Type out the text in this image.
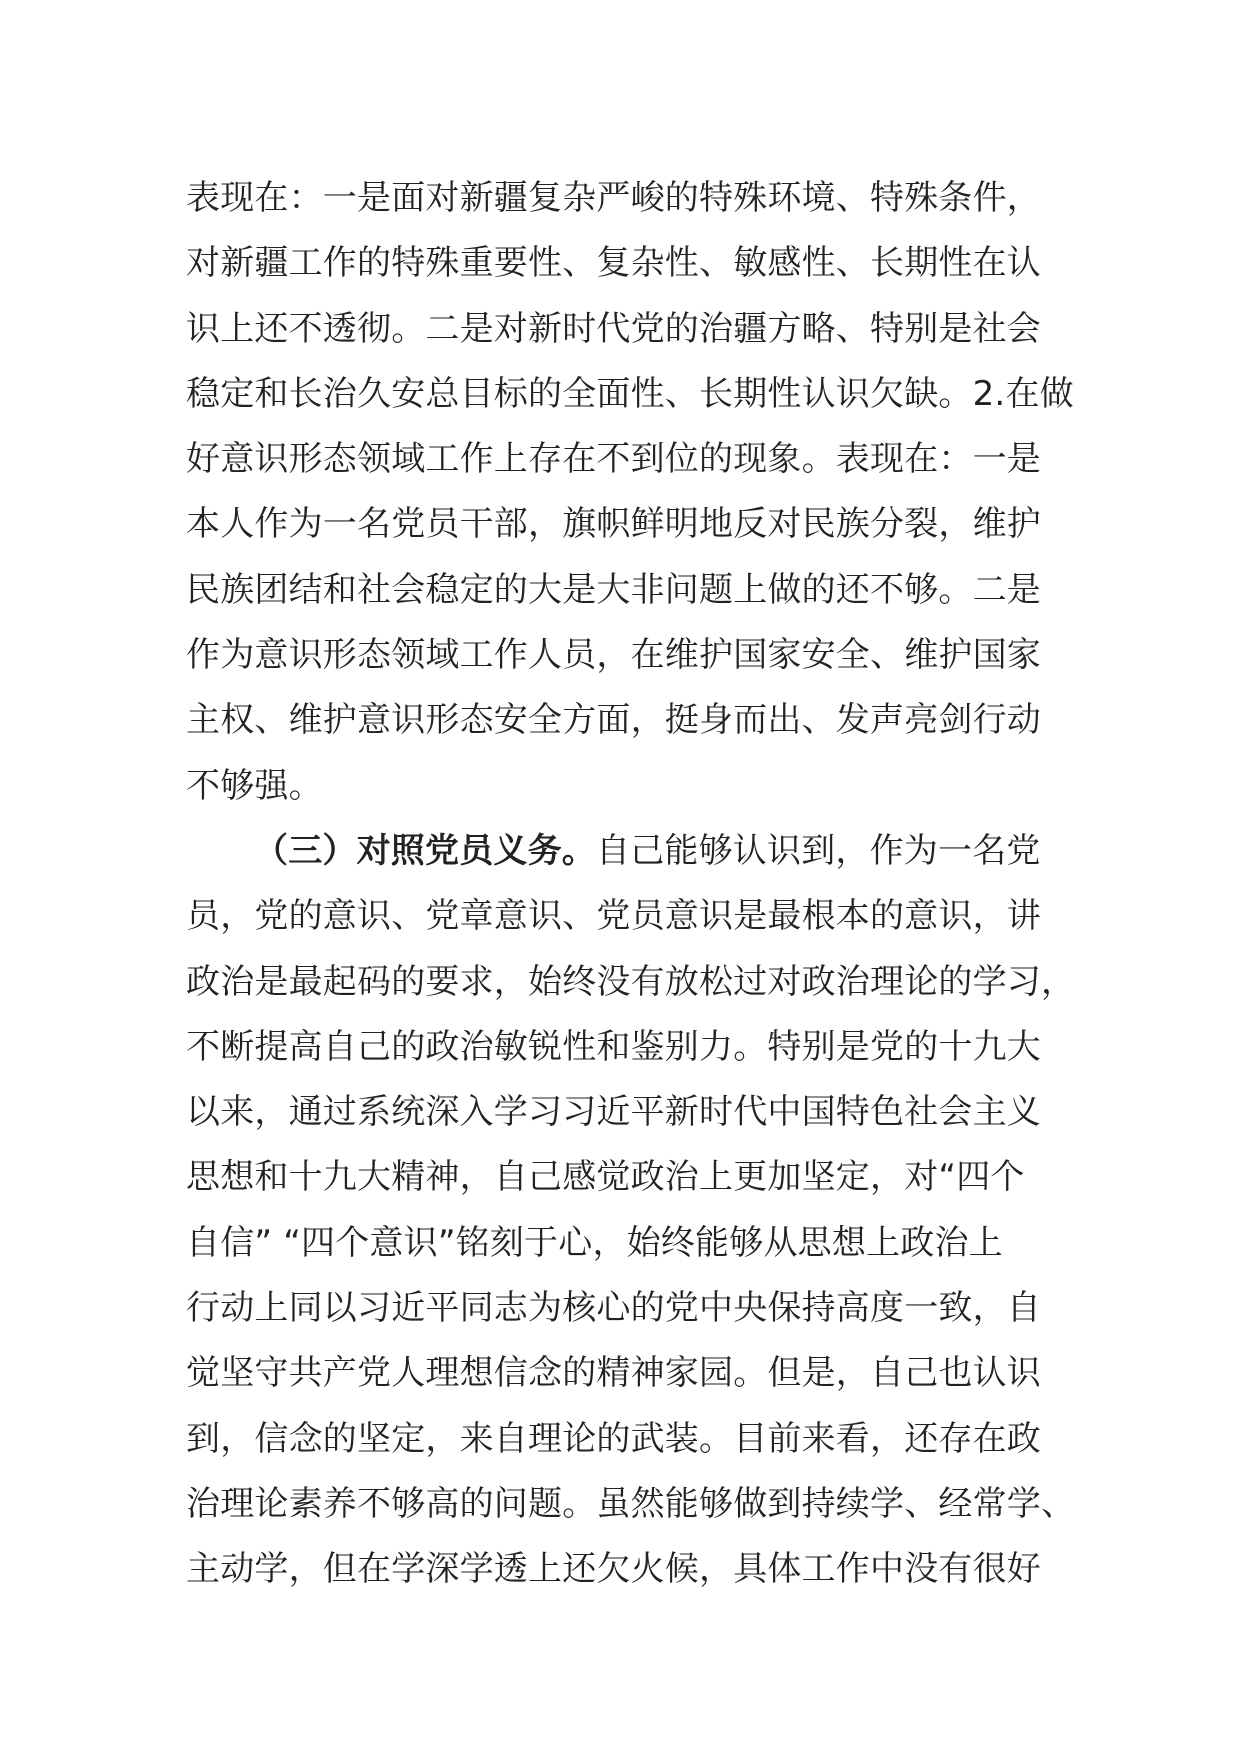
表现在：一是面对新疆复杂严峻的特殊环境、特殊条件，
对新疆工作的特殊重要性、复杂性、敏感性、长期性在认
识上还不透彻。二是对新时代党的治疆方略、特别是社会
稳定和长治久安总目标的全面性、长期性认识欠缺。2.在做
好意识形态领域工作上存在不到位的现象。表现在：一是
本人作为一名党员干部，旗帜鲜明地反对民族分裂，维护
民族团结和社会稳定的大是大非问题上做的还不够。二是
作为意识形态领域工作人员，在维护国家安全、维护国家
主权、维护意识形态安全方面，挺身而出、发声亮剑行动
不够强。
（三）对照党员义务。自己能够认识到，作为一名党
员，党的意识、党章意识、党员意识是最根本的意识，讲
政治是最起码的要求，始终没有放松过对政治理论的学习，
不断提高自己的政治敏锐性和鉴别力。特别是党的十九大
以来，通过系统深入学习习近平新时代中国特色社会主义
思想和十九大精神，自己感觉政治上更加坚定，对“四个
自信” “四个意识”铭刻于心，始终能够从思想上政治上
行动上同以习近平同志为核心的党中央保持高度一致，自
觉坚守共产党人理想信念的精神家园。但是，自己也认识
到，信念的坚定，来自理论的武装。目前来看，还存在政
治理论素养不够高的问题。虽然能够做到持续学、经常学、
主动学，但在学深学透上还欠火候，具体工作中没有很好
